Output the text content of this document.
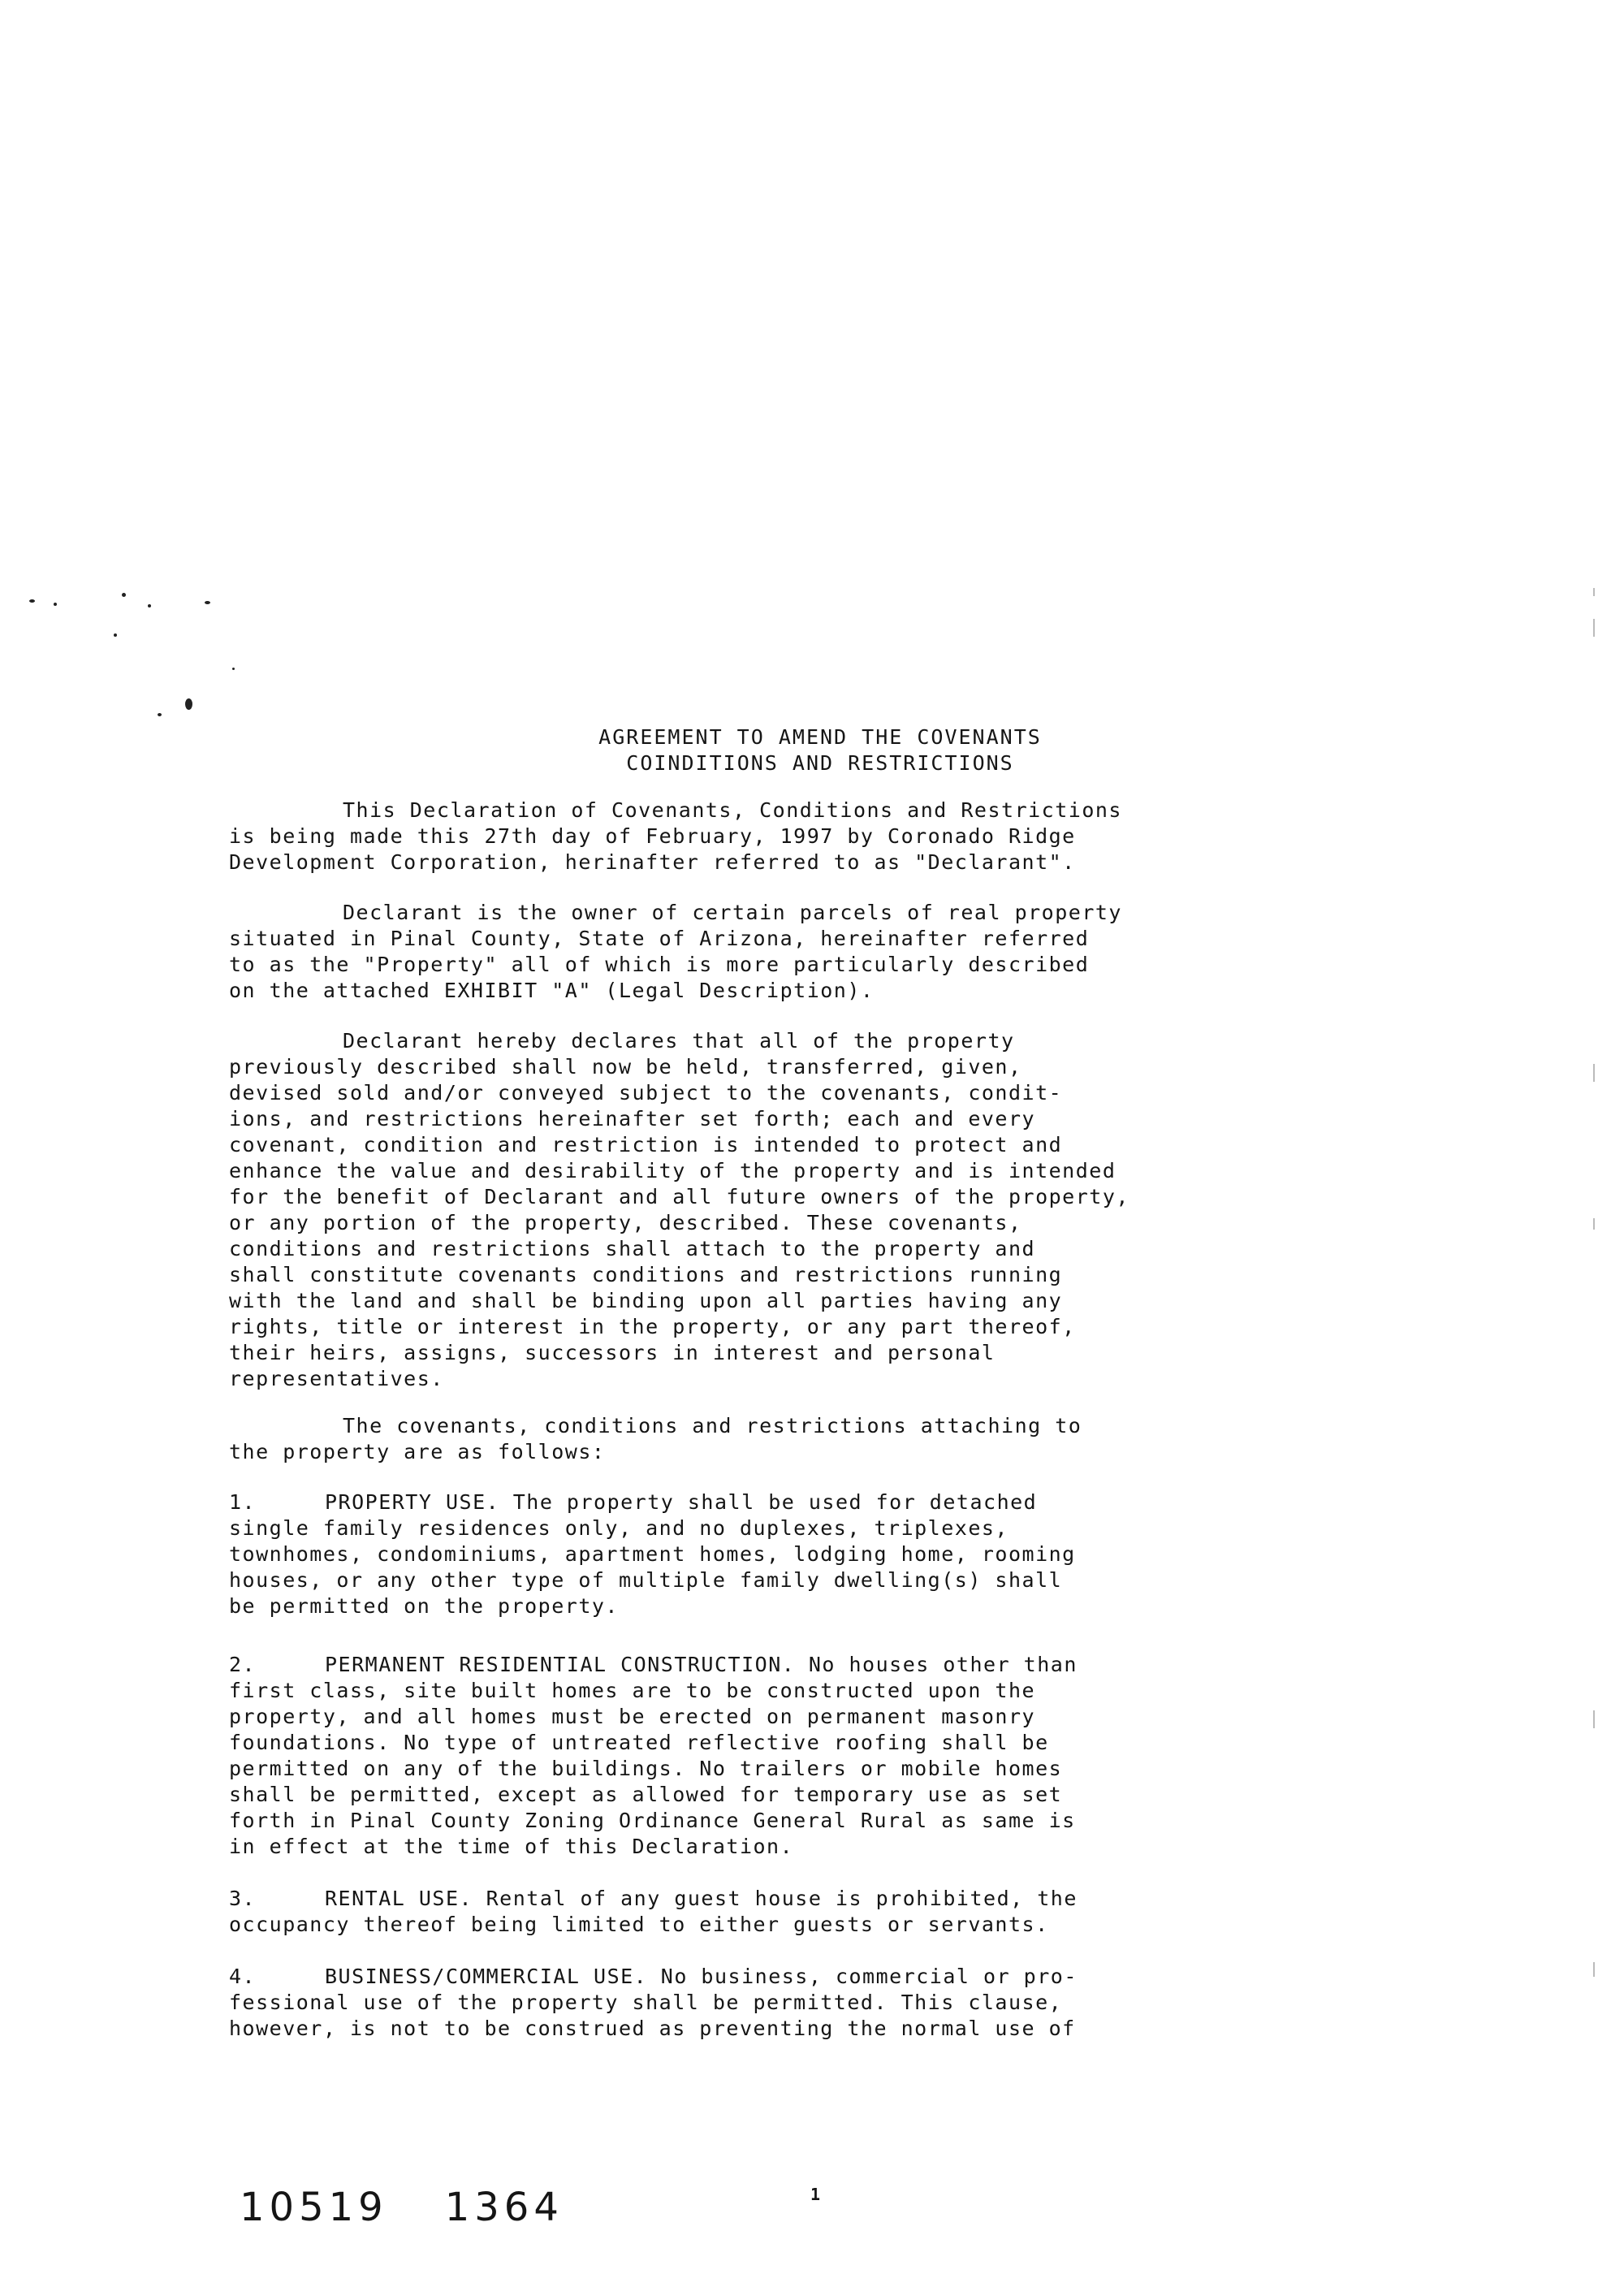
AGREEMENT TO AMEND THE COVENANTS
COINDITIONS AND RESTRICTIONS
This Declaration of Covenants, Conditions and Restrictions
is being made this 27th day of February, 1997 by Coronado Ridge
Development Corporation, herinafter referred to as "Declarant".
Declarant is the owner of certain parcels of real property
situated in Pinal County, State of Arizona, hereinafter referred
to as the "Property" all of which is more particularly described
on the attached EXHIBIT "A" (Legal Description).
Declarant hereby declares that all of the property
previously described shall now be held, transferred, given,
devised sold and/or conveyed subject to the covenants, condit-
ions, and restrictions hereinafter set forth; each and every
covenant, condition and restriction is intended to protect and
enhance the value and desirability of the property and is intended
for the benefit of Declarant and all future owners of the property,
or any portion of the property, described. These covenants,
conditions and restrictions shall attach to the property and
shall constitute covenants conditions and restrictions running
with the land and shall be binding upon all parties having any
rights, title or interest in the property, or any part thereof,
their heirs, assigns, successors in interest and personal
representatives.
The covenants, conditions and restrictions attaching to
the property are as follows:
1.	PROPERTY USE. The property shall be used for detached
single family residences only, and no duplexes, triplexes,
townhomes, condominiums, apartment homes, lodging home, rooming
houses, or any other type of multiple family dwelling(s) shall
be permitted on the property.
2.	PERMANENT RESIDENTIAL CONSTRUCTION. No houses other than
first class, site built homes are to be constructed upon the
property, and all homes must be erected on permanent masonry
foundations. No type of untreated reflective roofing shall be
permitted on any of the buildings. No trailers or mobile homes
shall be permitted, except as allowed for temporary use as set
forth in Pinal County Zoning Ordinance General Rural as same is
in effect at the time of this Declaration.
3.	RENTAL USE. Rental of any guest house is prohibited, the
occupancy thereof being limited to either guests or servants.
4.	BUSINESS/COMMERCIAL USE. No business, commercial or pro-
fessional use of the property shall be permitted. This clause,
however, is not to be construed as preventing the normal use of
10519 1364	1
